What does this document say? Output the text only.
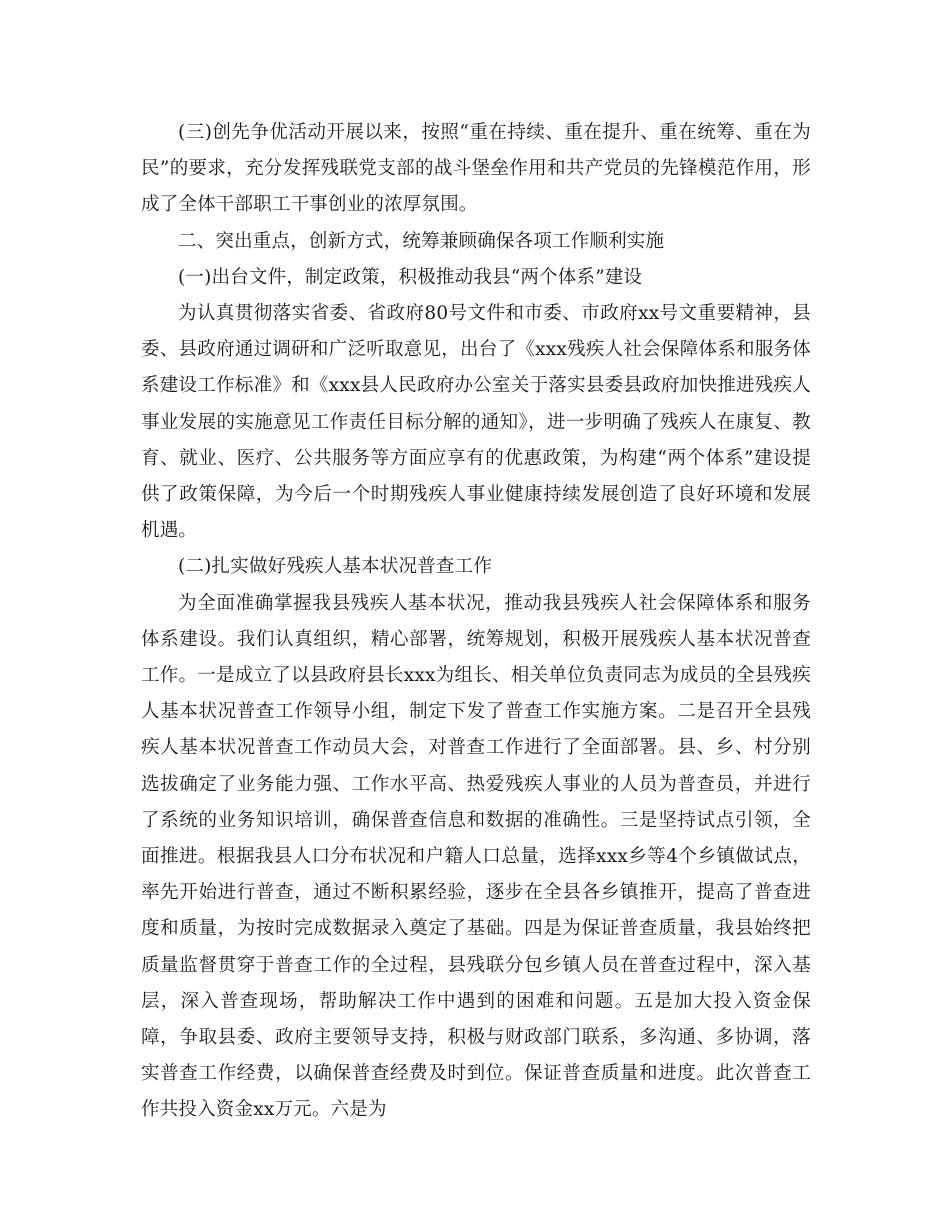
(三)创先争优活动开展以来，按照“重在持续、重在提升、重在统筹、重在为民”的要求，充分发挥残联党支部的战斗堡垒作用和共产党员的先锋模范作用，形成了全体干部职工干事创业的浓厚氛围。

二、突出重点，创新方式，统筹兼顾确保各项工作顺利实施

(一)出台文件，制定政策，积极推动我县“两个体系”建设

为认真贯彻落实省委、省政府80号文件和市委、市政府xx号文重要精神，县委、县政府通过调研和广泛听取意见，出台了《xxx残疾人社会保障体系和服务体系建设工作标准》和《xxx县人民政府办公室关于落实县委县政府加快推进残疾人事业发展的实施意见工作责任目标分解的通知》，进一步明确了残疾人在康复、教育、就业、医疗、公共服务等方面应享有的优惠政策，为构建“两个体系”建设提供了政策保障，为今后一个时期残疾人事业健康持续发展创造了良好环境和发展机遇。

(二)扎实做好残疾人基本状况普查工作

为全面准确掌握我县残疾人基本状况，推动我县残疾人社会保障体系和服务体系建设。我们认真组织，精心部署，统筹规划，积极开展残疾人基本状况普查工作。一是成立了以县政府县长xxx为组长、相关单位负责同志为成员的全县残疾人基本状况普查工作领导小组，制定下发了普查工作实施方案。二是召开全县残疾人基本状况普查工作动员大会，对普查工作进行了全面部署。县、乡、村分别选拔确定了业务能力强、工作水平高、热爱残疾人事业的人员为普查员，并进行了系统的业务知识培训，确保普查信息和数据的准确性。三是坚持试点引领，全面推进。根据我县人口分布状况和户籍人口总量，选择xxx乡等4个乡镇做试点，率先开始进行普查，通过不断积累经验，逐步在全县各乡镇推开，提高了普查进度和质量，为按时完成数据录入奠定了基础。四是为保证普查质量，我县始终把质量监督贯穿于普查工作的全过程，县残联分包乡镇人员在普查过程中，深入基层，深入普查现场，帮助解决工作中遇到的困难和问题。五是加大投入资金保障，争取县委、政府主要领导支持，积极与财政部门联系，多沟通、多协调，落实普查工作经费，以确保普查经费及时到位。保证普查质量和进度。此次普查工作共投入资金xx万元。六是为
